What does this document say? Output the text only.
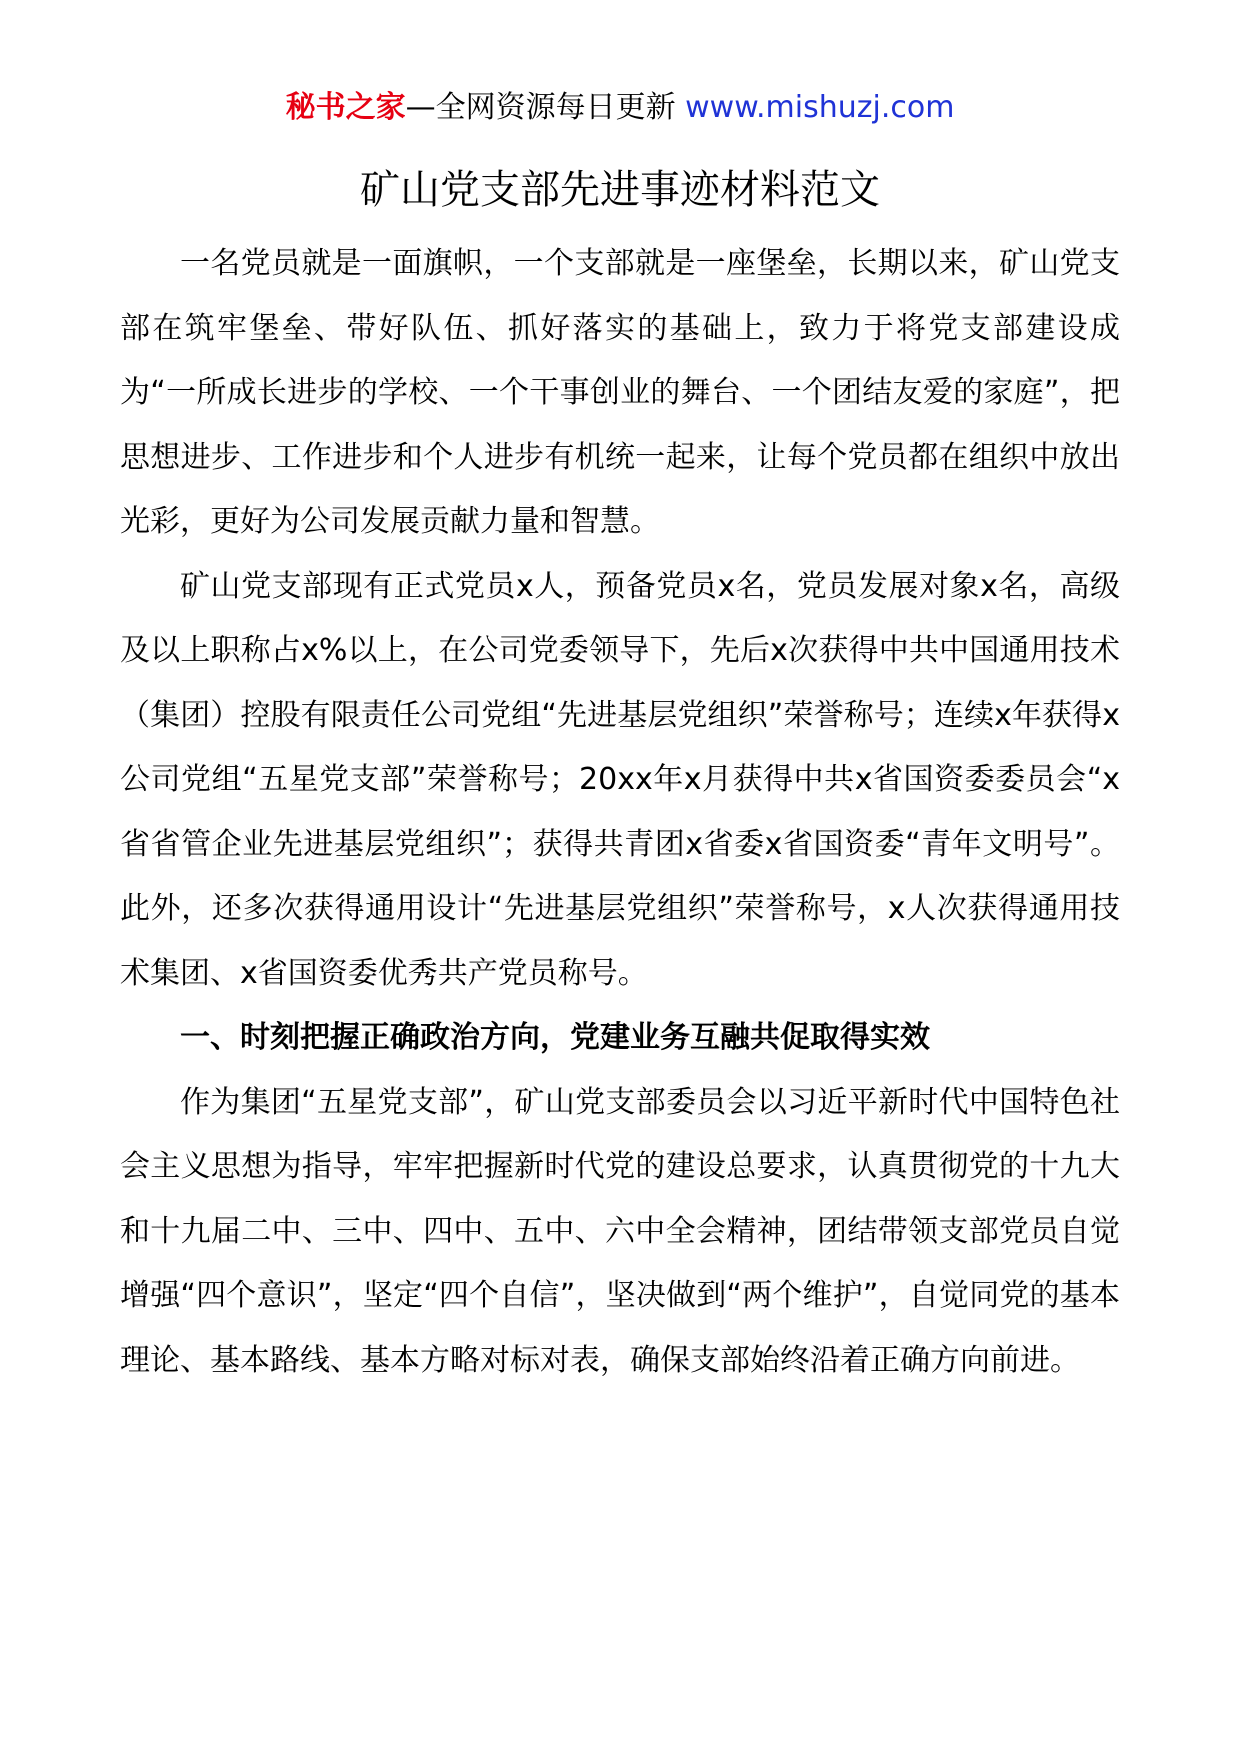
秘书之家—全网资源每日更新 www.mishuzj.com
矿山党支部先进事迹材料范文

一名党员就是一面旗帜，一个支部就是一座堡垒，长期以来，矿山党支部在筑牢堡垒、带好队伍、抓好落实的基础上，致力于将党支部建设成为“一所成长进步的学校、一个干事创业的舞台、一个团结友爱的家庭”，把思想进步、工作进步和个人进步有机统一起来，让每个党员都在组织中放出光彩，更好为公司发展贡献力量和智慧。

矿山党支部现有正式党员x人，预备党员x名，党员发展对象x名，高级及以上职称占x%以上，在公司党委领导下，先后x次获得中共中国通用技术（集团）控股有限责任公司党组“先进基层党组织”荣誉称号；连续x年获得x公司党组“五星党支部”荣誉称号；20xx年x月获得中共x省国资委委员会“x省省管企业先进基层党组织”；获得共青团x省委x省国资委“青年文明号”。此外，还多次获得通用设计“先进基层党组织”荣誉称号，x人次获得通用技术集团、x省国资委优秀共产党员称号。

一、时刻把握正确政治方向，党建业务互融共促取得实效

作为集团“五星党支部”，矿山党支部委员会以习近平新时代中国特色社会主义思想为指导，牢牢把握新时代党的建设总要求，认真贯彻党的十九大和十九届二中、三中、四中、五中、六中全会精神，团结带领支部党员自觉增强“四个意识”，坚定“四个自信”，坚决做到“两个维护”，自觉同党的基本理论、基本路线、基本方略对标对表，确保支部始终沿着正确方向前进。
